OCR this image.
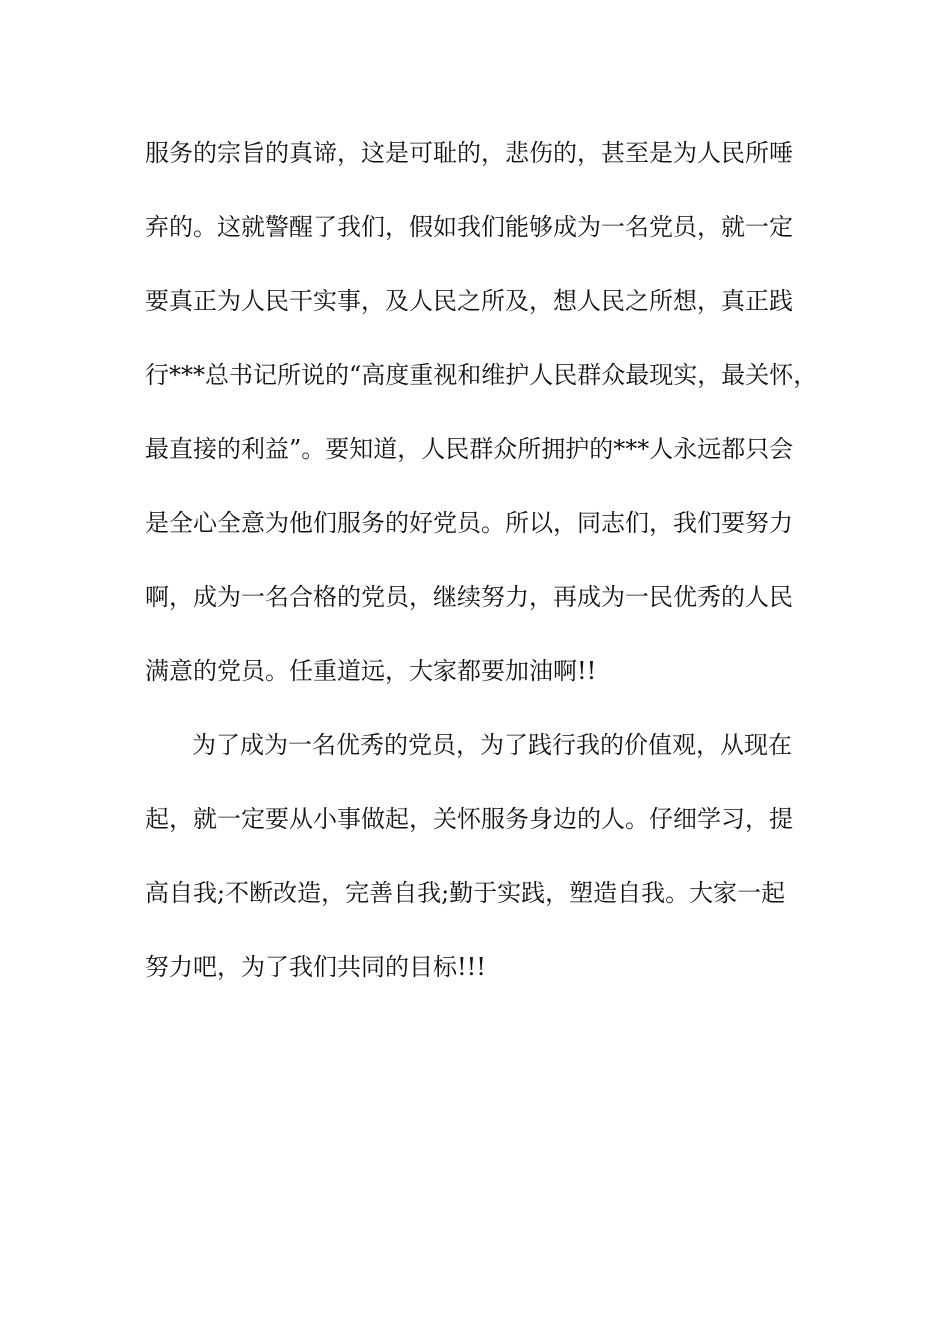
服务的宗旨的真谛，这是可耻的，悲伤的，甚至是为人民所唾
弃的。这就警醒了我们，假如我们能够成为一名党员，就一定
要真正为人民干实事，及人民之所及，想人民之所想，真正践
行***总书记所说的“高度重视和维护人民群众最现实，最关怀，
最直接的利益”。要知道，人民群众所拥护的***人永远都只会
是全心全意为他们服务的好党员。所以，同志们，我们要努力
啊，成为一名合格的党员，继续努力，再成为一民优秀的人民
满意的党员。任重道远，大家都要加油啊!!
为了成为一名优秀的党员，为了践行我的价值观，从现在
起，就一定要从小事做起，关怀服务身边的人。仔细学习，提
高自我;不断改造，完善自我;勤于实践，塑造自我。大家一起
努力吧，为了我们共同的目标!!!
